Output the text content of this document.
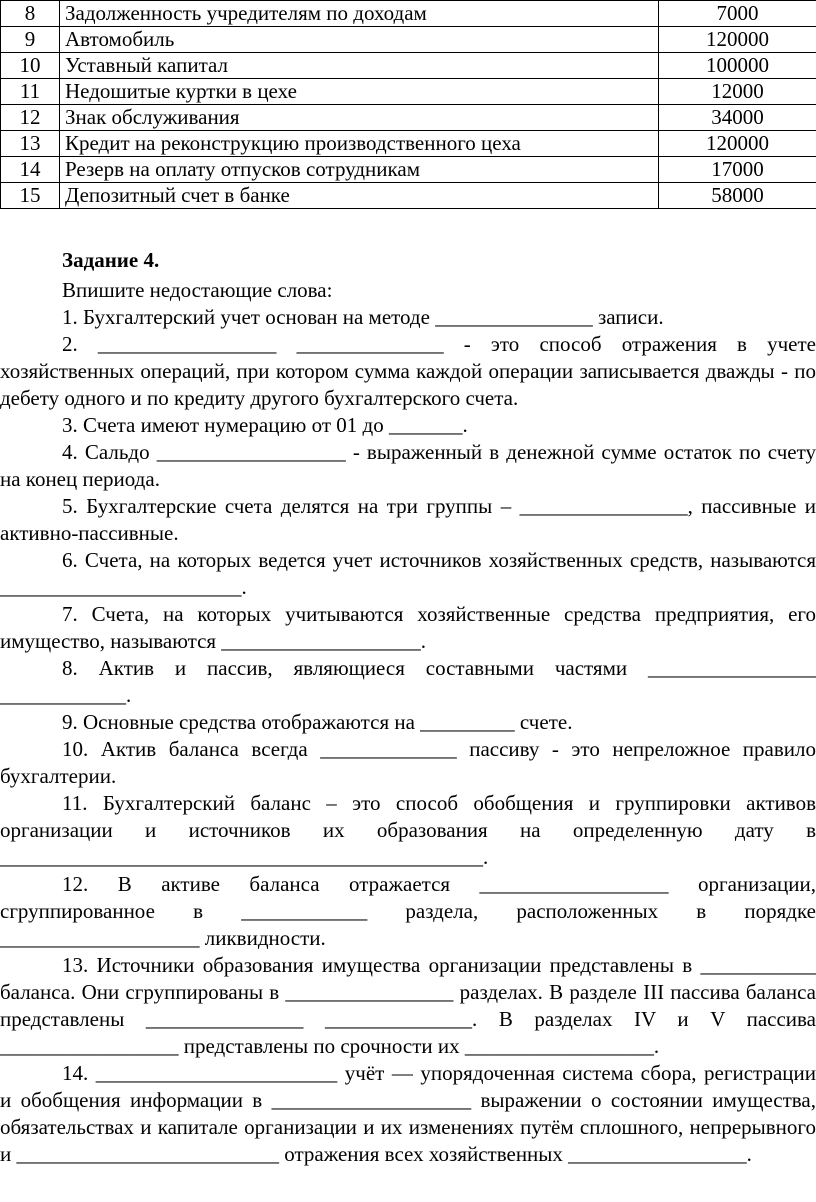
8	Задолженность учредителям по доходам	7000
9	Автомобиль	120000
10	Уставный капитал	100000
11	Недошитые куртки в цехе	12000
12	Знак обслуживания	34000
13	Кредит на реконструкцию производственного цеха	120000
14	Резерв на оплату отпусков сотрудникам	17000
15	Депозитный счет в банке	58000

Задание 4.

Впишите недостающие слова:

1. Бухгалтерский учет основан на методе _______________ записи.

2. _________________ ______________ - это способ отражения в учете хозяйственных операций, при котором сумма каждой операции записывается дважды - по дебету одного и по кредиту другого бухгалтерского счета.

3. Счета имеют нумерацию от 01 до _______.

4. Сальдо __________________ - выраженный в денежной сумме остаток по счету на конец периода.

5. Бухгалтерские счета делятся на три группы – ________________, пассивные и активно-пассивные.

6. Счета, на которых ведется учет источников хозяйственных средств, называются _______________________.

7. Счета, на которых учитываются хозяйственные средства предприятия, его имущество, называются ___________________.

8. Актив и пассив, являющиеся составными частями ________________ ____________.

9. Основные средства отображаются на _________ счете.

10. Актив баланса всегда _____________ пассиву - это непреложное правило бухгалтерии.

11. Бухгалтерский баланс – это способ обобщения и группировки активов организации и источников их образования на определенную дату в ______________________________________________.

12. В активе баланса отражается __________________ организации, сгруппированное в ____________ раздела, расположенных в порядке ___________________ ликвидности.

13. Источники образования имущества организации представлены в ___________ баланса. Они сгруппированы в ________________ разделах. В разделе III пассива баланса представлены _______________ ______________. В разделах IV и V пассива _________________ представлены по срочности их __________________.

14. _______________________ учёт — упорядоченная система сбора, регистрации и обобщения информации в ___________________ выражении о состоянии имущества, обязательствах и капитале организации и их изменениях путём сплошного, непрерывного и _________________________ отражения всех хозяйственных _________________.
